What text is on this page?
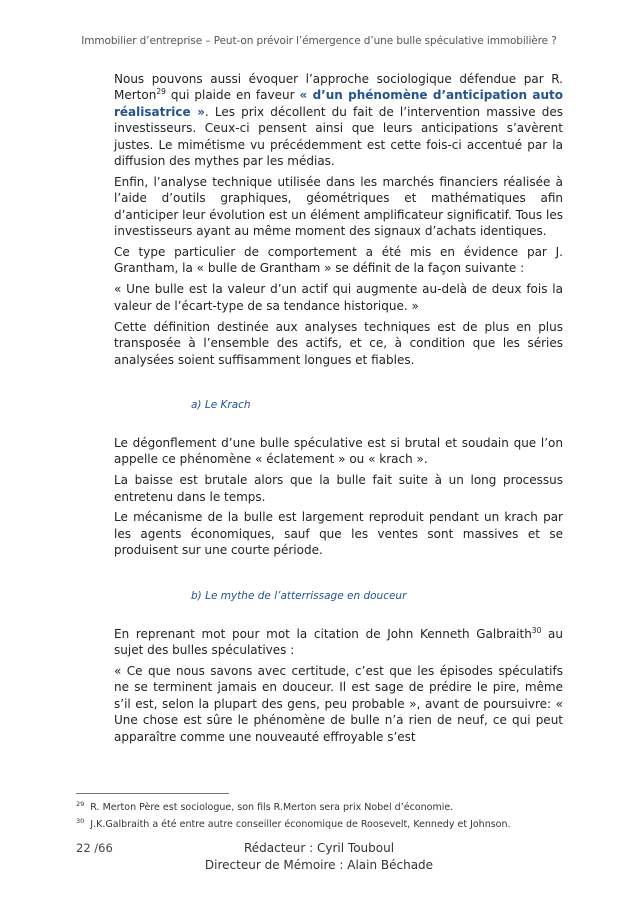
Immobilier d’entreprise – Peut-on prévoir l’émergence d’une bulle spéculative immobilière ?

Nous pouvons aussi évoquer l’approche sociologique défendue par R. Merton$^{29}$ qui plaide en faveur « d’un phénomène d’anticipation auto réalisatrice ». Les prix décollent du fait de l’intervention massive des investisseurs. Ceux-ci pensent ainsi que leurs anticipations s’avèrent justes. Le mimétisme vu précédemment est cette fois-ci accentué par la diffusion des mythes par les médias.

Enfin, l’analyse technique utilisée dans les marchés financiers réalisée à l’aide d’outils graphiques, géométriques et mathématiques afin d’anticiper leur évolution est un élément amplificateur significatif. Tous les investisseurs ayant au même moment des signaux d’achats identiques.

Ce type particulier de comportement a été mis en évidence par J. Grantham, la « bulle de Grantham » se définit de la façon suivante :

« Une bulle est la valeur d’un actif qui augmente au-delà de deux fois la valeur de l’écart-type de sa tendance historique. »

Cette définition destinée aux analyses techniques est de plus en plus transposée à l’ensemble des actifs, et ce, à condition que les séries analysées soient suffisamment longues et fiables.

a) Le Krach

Le dégonflement d’une bulle spéculative est si brutal et soudain que l’on appelle ce phénomène « éclatement » ou « krach ».

La baisse est brutale alors que la bulle fait suite à un long processus entretenu dans le temps.

Le mécanisme de la bulle est largement reproduit pendant un krach par les agents économiques, sauf que les ventes sont massives et se produisent sur une courte période.

b) Le mythe de l’atterrissage en douceur

En reprenant mot pour mot la citation de John Kenneth Galbraith$^{30}$ au sujet des bulles spéculatives :

« Ce que nous savons avec certitude, c’est que les épisodes spéculatifs ne se terminent jamais en douceur. Il est sage de prédire le pire, même s’il est, selon la plupart des gens, peu probable », avant de poursuivre: « Une chose est sûre le phénomène de bulle n’a rien de neuf, ce qui peut apparaître comme une nouveauté effroyable s’est

$^{29}$ R. Merton Père est sociologue, son fils R.Merton sera prix Nobel d’économie.
$^{30}$ J.K.Galbraith a été entre autre conseiller économique de Roosevelt, Kennedy et Johnson.
22 /66	Rédacteur : Cyril Touboul
Directeur de Mémoire : Alain Béchade
